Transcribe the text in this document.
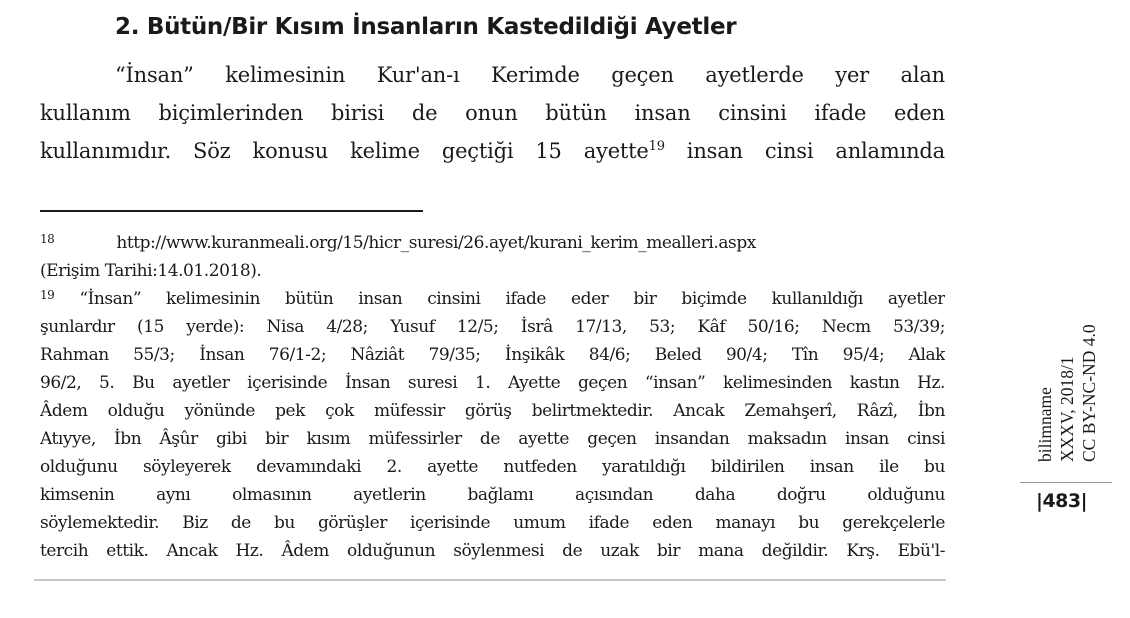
2. Bütün/Bir Kısım İnsanların Kastedildiği Ayetler
“İnsan” kelimesinin Kur'an-ı Kerimde geçen ayetlerde yer alan
kullanım biçimlerinden birisi de onun bütün insan cinsini ifade eden
kullanımıdır. Söz konusu kelime geçtiği 15 ayette$^{19}$ insan cinsi anlamında
$^{18}$	http://www.kuranmeali.org/15/hicr_suresi/26.ayet/kurani_kerim_mealleri.aspx
(Erişim Tarihi:14.01.2018).
$^{19}$ “İnsan” kelimesinin bütün insan cinsini ifade eder bir biçimde kullanıldığı ayetler
şunlardır (15 yerde): Nisa 4/28; Yusuf 12/5; İsrâ 17/13, 53; Kâf 50/16; Necm 53/39;
Rahman 55/3; İnsan 76/1-2; Nâziât 79/35; İnşikâk 84/6; Beled 90/4; Tîn 95/4; Alak
96/2, 5. Bu ayetler içerisinde İnsan suresi 1. Ayette geçen “insan” kelimesinden kastın Hz.
Âdem olduğu yönünde pek çok müfessir görüş belirtmektedir. Ancak Zemahşerî, Râzî, İbn
Atıyye, İbn Âşûr gibi bir kısım müfessirler de ayette geçen insandan maksadın insan cinsi
olduğunu söyleyerek devamındaki 2. ayette nutfeden yaratıldığı bildirilen insan ile bu
kimsenin aynı olmasının ayetlerin bağlamı açısından daha doğru olduğunu
söylemektedir. Biz de bu görüşler içerisinde umum ifade eden manayı bu gerekçelerle
tercih ettik. Ancak Hz. Âdem olduğunun söylenmesi de uzak bir mana değildir. Krş. Ebü'l-
bilimname XXXV, 2018/1 CC BY-NC-ND 4.0
|483|
